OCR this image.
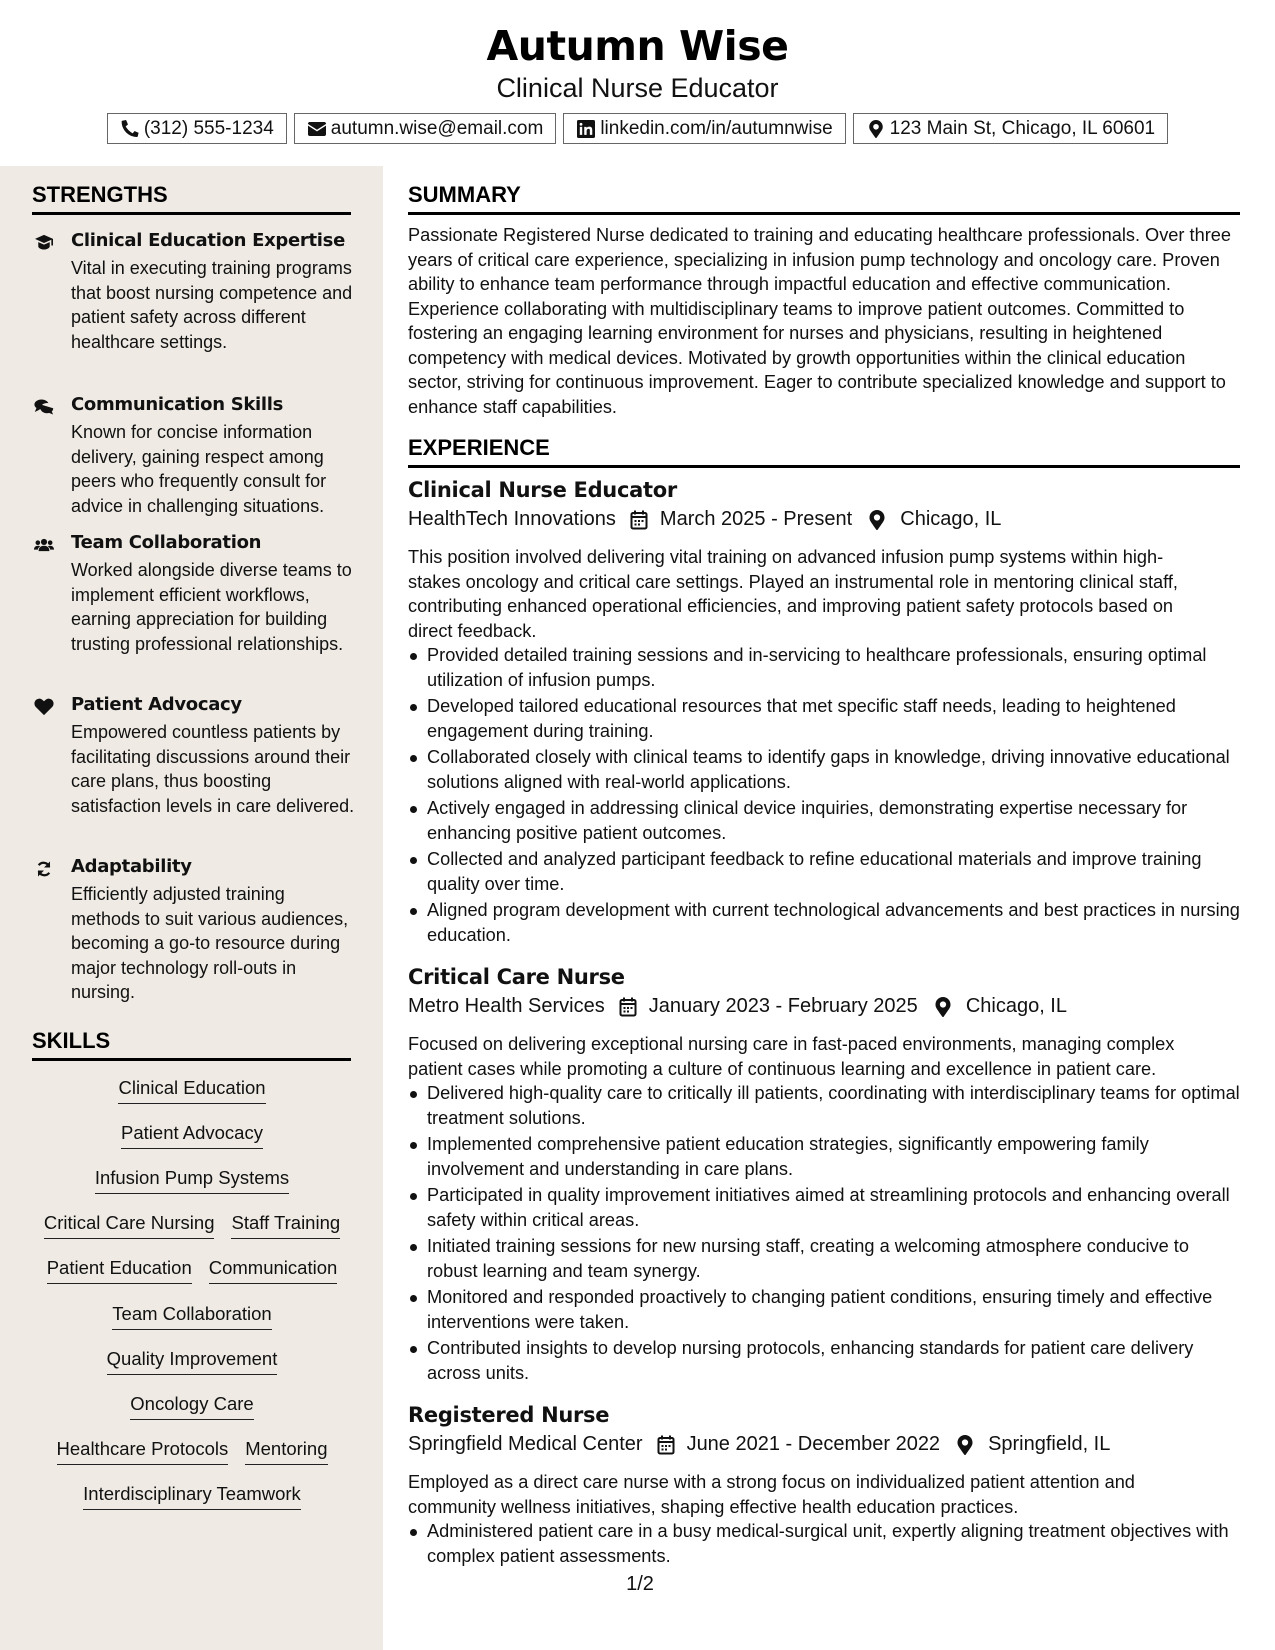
Autumn Wise
Clinical Nurse Educator
(312) 555-1234	autumn.wise@email.com	linkedin.com/in/autumnwise	123 Main St, Chicago, IL 60601
STRENGTHS
Clinical Education Expertise
Vital in executing training programs that boost nursing competence and patient safety across different healthcare settings.
Communication Skills
Known for concise information delivery, gaining respect among peers who frequently consult for advice in challenging situations.
Team Collaboration
Worked alongside diverse teams to implement efficient workflows, earning appreciation for building trusting professional relationships.
Patient Advocacy
Empowered countless patients by facilitating discussions around their care plans, thus boosting satisfaction levels in care delivered.
Adaptability
Efficiently adjusted training methods to suit various audiences, becoming a go-to resource during major technology roll-outs in nursing.
SKILLS
Clinical Education
Patient Advocacy
Infusion Pump Systems
Critical Care Nursing Staff Training
Patient Education Communication
Team Collaboration
Quality Improvement
Oncology Care
Healthcare Protocols Mentoring
Interdisciplinary Teamwork
SUMMARY
Passionate Registered Nurse dedicated to training and educating healthcare professionals. Over three years of critical care experience, specializing in infusion pump technology and oncology care. Proven ability to enhance team performance through impactful education and effective communication. Experience collaborating with multidisciplinary teams to improve patient outcomes. Committed to fostering an engaging learning environment for nurses and physicians, resulting in heightened competency with medical devices. Motivated by growth opportunities within the clinical education sector, striving for continuous improvement. Eager to contribute specialized knowledge and support to enhance staff capabilities.
EXPERIENCE
Clinical Nurse Educator
HealthTech Innovations March 2025 - Present Chicago, IL
This position involved delivering vital training on advanced infusion pump systems within high-stakes oncology and critical care settings. Played an instrumental role in mentoring clinical staff, contributing enhanced operational efficiencies, and improving patient safety protocols based on direct feedback.
Provided detailed training sessions and in-servicing to healthcare professionals, ensuring optimal utilization of infusion pumps.
Developed tailored educational resources that met specific staff needs, leading to heightened engagement during training.
Collaborated closely with clinical teams to identify gaps in knowledge, driving innovative educational solutions aligned with real-world applications.
Actively engaged in addressing clinical device inquiries, demonstrating expertise necessary for enhancing positive patient outcomes.
Collected and analyzed participant feedback to refine educational materials and improve training quality over time.
Aligned program development with current technological advancements and best practices in nursing education.
Critical Care Nurse
Metro Health Services January 2023 - February 2025 Chicago, IL
Focused on delivering exceptional nursing care in fast-paced environments, managing complex patient cases while promoting a culture of continuous learning and excellence in patient care.
Delivered high-quality care to critically ill patients, coordinating with interdisciplinary teams for optimal treatment solutions.
Implemented comprehensive patient education strategies, significantly empowering family involvement and understanding in care plans.
Participated in quality improvement initiatives aimed at streamlining protocols and enhancing overall safety within critical areas.
Initiated training sessions for new nursing staff, creating a welcoming atmosphere conducive to robust learning and team synergy.
Monitored and responded proactively to changing patient conditions, ensuring timely and effective interventions were taken.
Contributed insights to develop nursing protocols, enhancing standards for patient care delivery across units.
Registered Nurse
Springfield Medical Center June 2021 - December 2022 Springfield, IL
Employed as a direct care nurse with a strong focus on individualized patient attention and community wellness initiatives, shaping effective health education practices.
Administered patient care in a busy medical-surgical unit, expertly aligning treatment objectives with complex patient assessments.
1/2
